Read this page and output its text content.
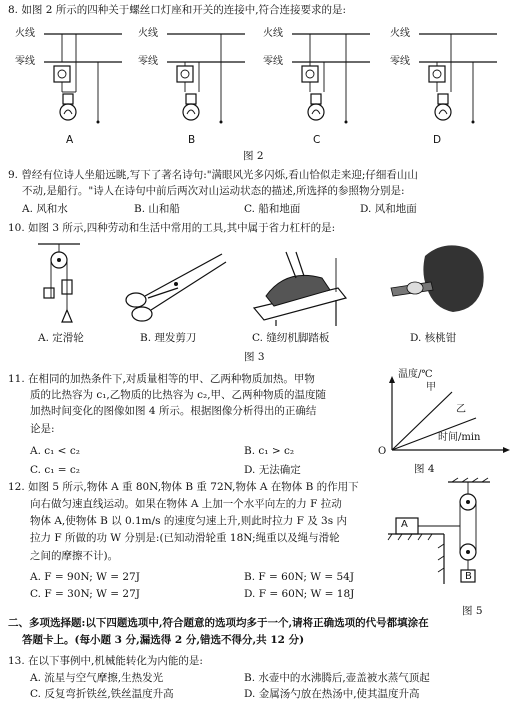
8. 如图 2 所示的四种关于螺丝口灯座和开关的连接中,符合连接要求的是:
火线
零线
火线
零线
火线
零线
火线
零线
A	B	C	D
图 2
9. 曾经有位诗人坐船远眺,写下了著名诗句:"满眼风光多闪烁,看山恰似走来迎;仔细看山山
不动,是船行。"诗人在诗句中前后两次对山运动状态的描述,所选择的参照物分别是:
A. 风和水	B. 山和船	C. 船和地面	D. 风和地面
10. 如图 3 所示,四种劳动和生活中常用的工具,其中属于省力杠杆的是:
A. 定滑轮	B. 理发剪刀	C. 缝纫机脚踏板	D. 核桃钳
图 3
11. 在相同的加热条件下,对质量相等的甲、乙两种物质加热。甲物
质的比热容为 c₁,乙物质的比热容为 c₂,甲、乙两种物质的温度随
加热时间变化的图像如图 4 所示。根据图像分析得出的正确结
论是:
A. c₁ < c₂	B. c₁ > c₂
C. c₁ = c₂	D. 无法确定
温度/℃
甲
乙
时间/min
O
图 4
12. 如图 5 所示,物体 A 重 80N,物体 B 重 72N,物体 A 在物体 B 的作用下
向右做匀速直线运动。如果在物体 A 上加一个水平向左的力 F 拉动
物体 A,使物体 B 以 0.1m/s 的速度匀速上升,则此时拉力 F 及 3s 内
拉力 F 所做的功 W 分别是:(已知动滑轮重 18N;绳重以及绳与滑轮
之间的摩擦不计)。
A. F = 90N; W = 27J	B. F = 60N; W = 54J
C. F = 30N; W = 27J	D. F = 60N; W = 18J
A
B
图 5
二、多项选择题:以下四题选项中,符合题意的选项均多于一个,请将正确选项的代号都填涂在
答题卡上。(每小题 3 分,漏选得 2 分,错选不得分,共 12 分)
13. 在以下事例中,机械能转化为内能的是:
A. 流星与空气摩擦,生热发光	B. 水壶中的水沸腾后,壶盖被水蒸气顶起
C. 反复弯折铁丝,铁丝温度升高	D. 金属汤勺放在热汤中,使其温度升高
